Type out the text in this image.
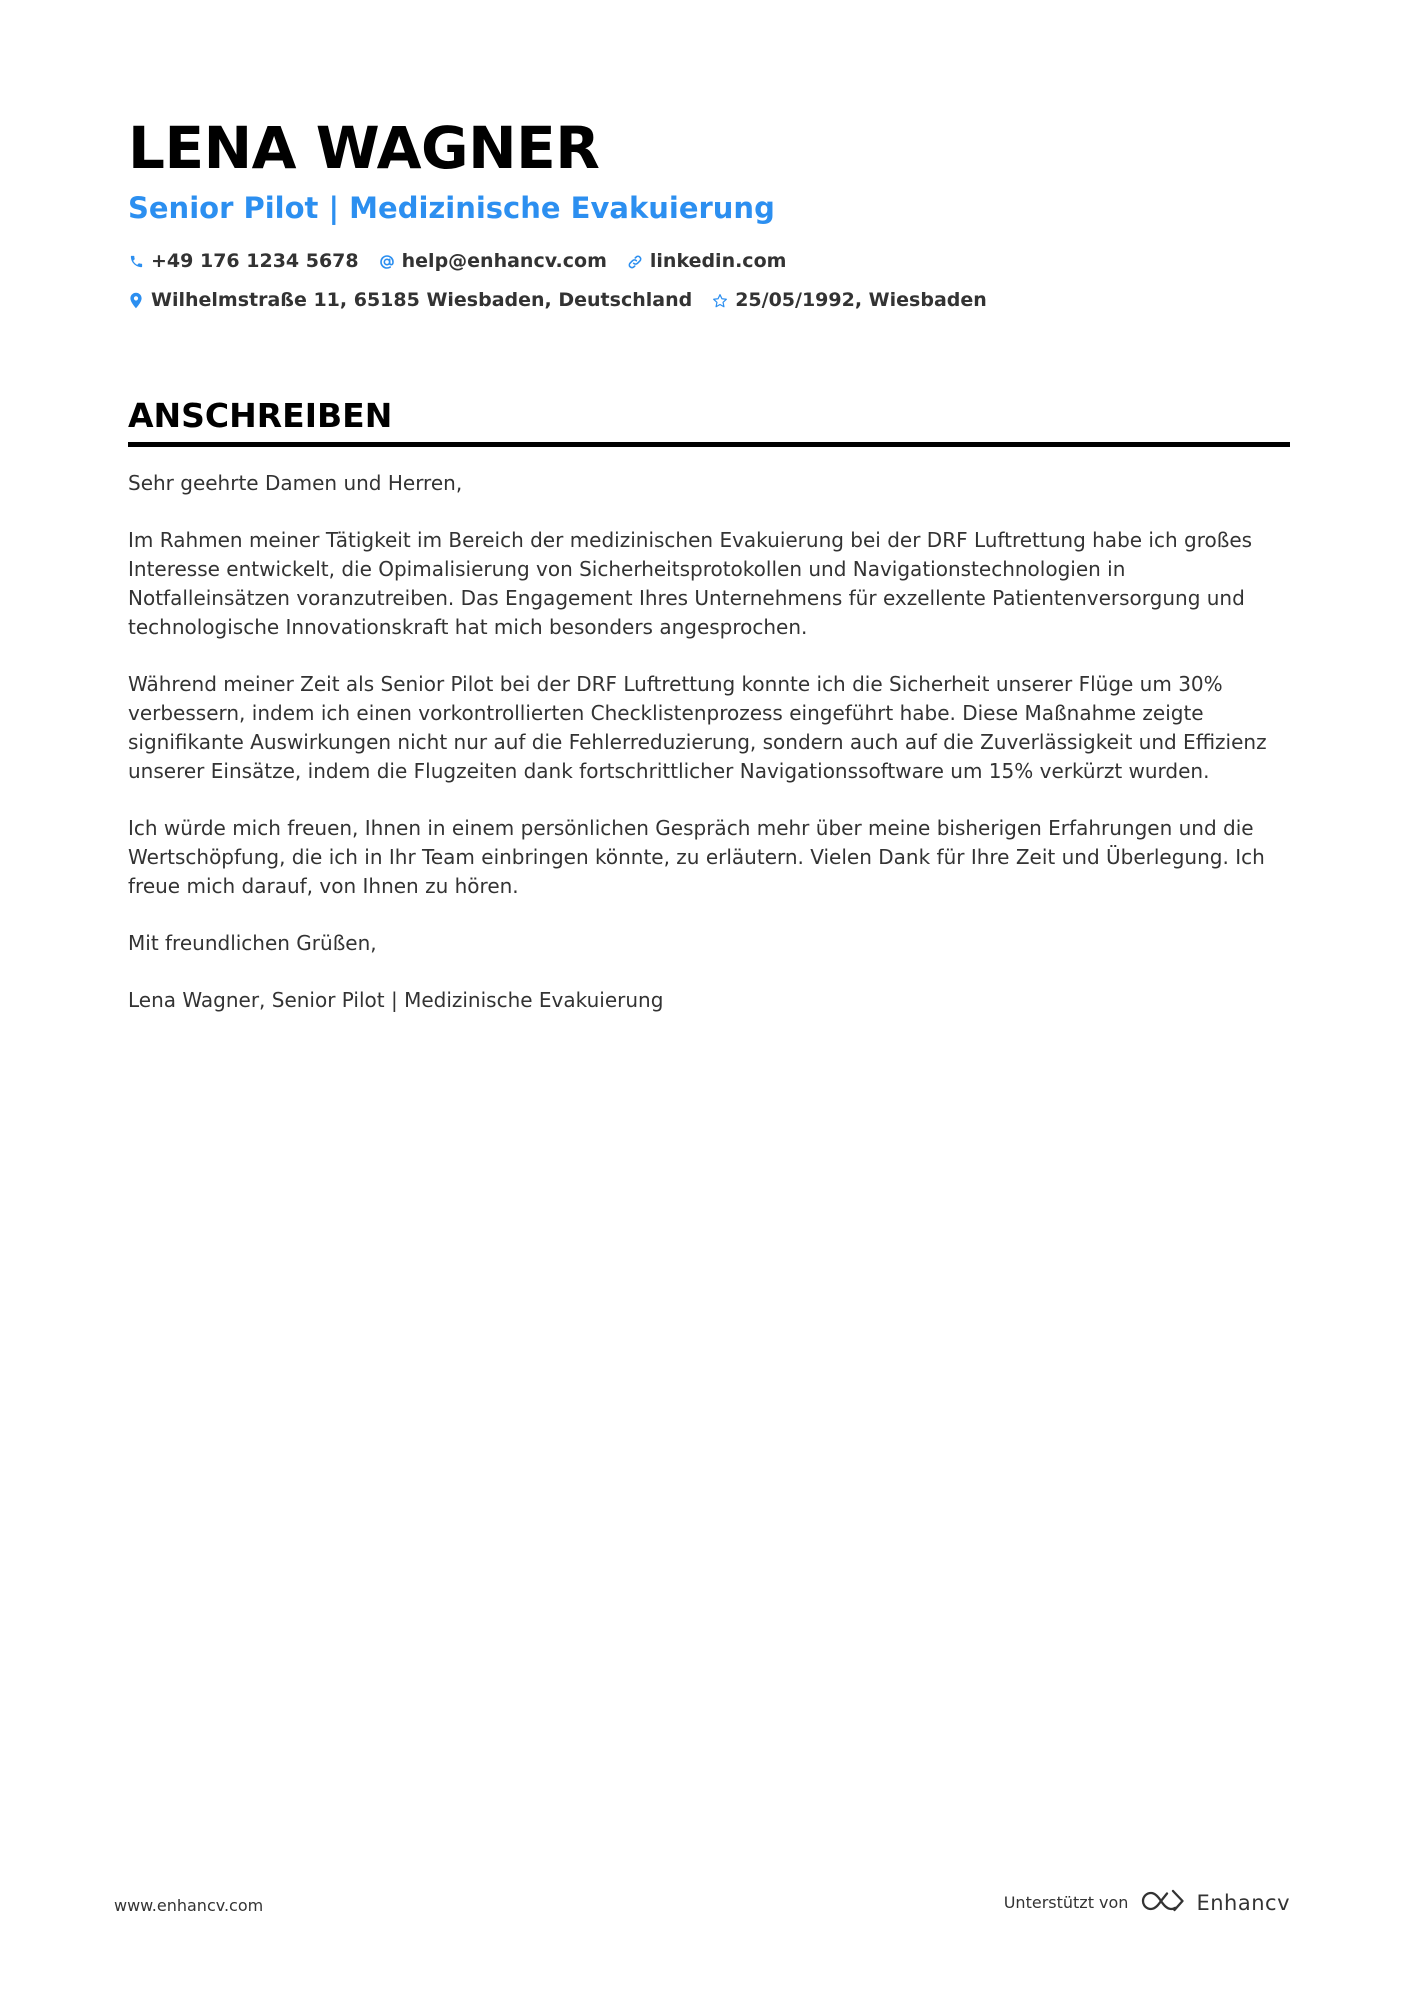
LENA WAGNER
Senior Pilot | Medizinische Evakuierung
+49 176 1234 5678 help@enhancv.com linkedin.com
Wilhelmstraße 11, 65185 Wiesbaden, Deutschland 25/05/1992, Wiesbaden
ANSCHREIBEN

Sehr geehrte Damen und Herren,

Im Rahmen meiner Tätigkeit im Bereich der medizinischen Evakuierung bei der DRF Luftrettung habe ich großes Interesse entwickelt, die Opimalisierung von Sicherheitsprotokollen und Navigationstechnologien in Notfalleinsätzen voranzutreiben. Das Engagement Ihres Unternehmens für exzellente Patientenversorgung und technologische Innovationskraft hat mich besonders angesprochen.

Während meiner Zeit als Senior Pilot bei der DRF Luftrettung konnte ich die Sicherheit unserer Flüge um 30% verbessern, indem ich einen vorkontrollierten Checklistenprozess eingeführt habe. Diese Maßnahme zeigte signifikante Auswirkungen nicht nur auf die Fehlerreduzierung, sondern auch auf die Zuverlässigkeit und Effizienz unserer Einsätze, indem die Flugzeiten dank fortschrittlicher Navigationssoftware um 15% verkürzt wurden.

Ich würde mich freuen, Ihnen in einem persönlichen Gespräch mehr über meine bisherigen Erfahrungen und die Wertschöpfung, die ich in Ihr Team einbringen könnte, zu erläutern. Vielen Dank für Ihre Zeit und Überlegung. Ich freue mich darauf, von Ihnen zu hören.

Mit freundlichen Grüßen,

Lena Wagner, Senior Pilot | Medizinische Evakuierung

www.enhancv.com	Unterstützt von	Enhancv
